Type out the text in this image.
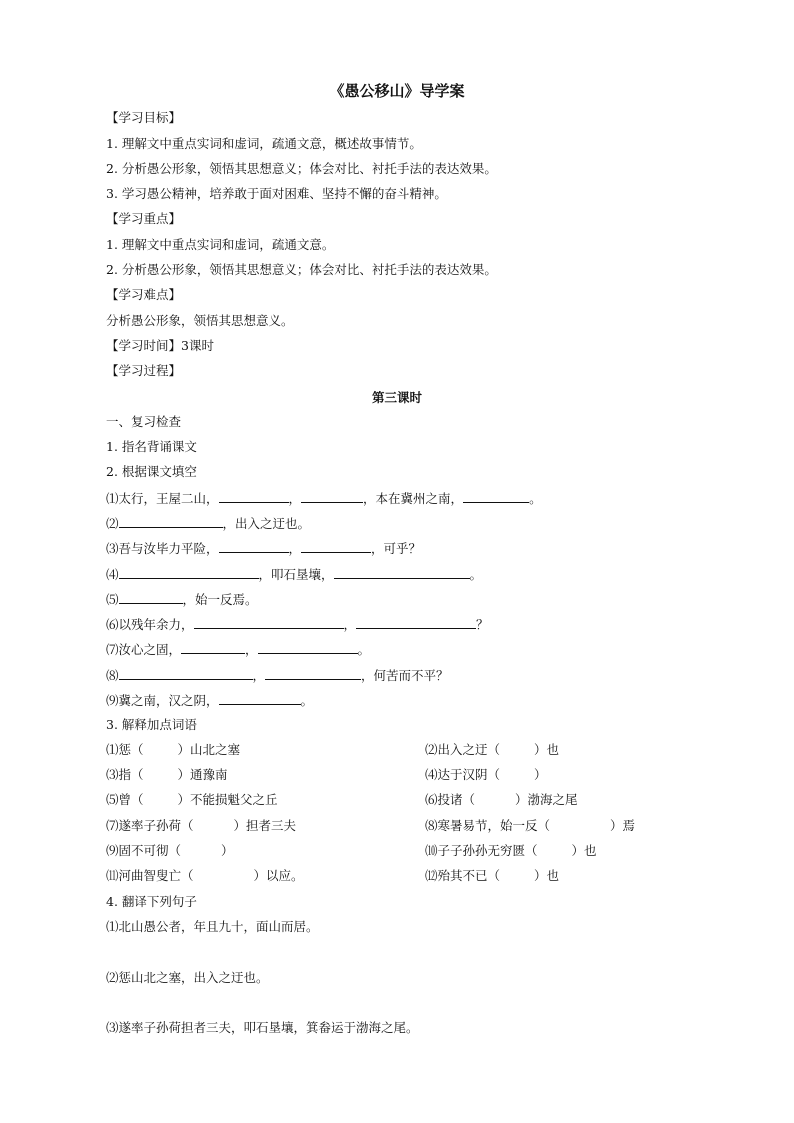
《愚公移山》导学案
【学习目标】
1. 理解文中重点实词和虚词，疏通文意，概述故事情节。
2. 分析愚公形象，领悟其思想意义；体会对比、衬托手法的表达效果。
3. 学习愚公精神，培养敢于面对困难、坚持不懈的奋斗精神。
【学习重点】
1. 理解文中重点实词和虚词，疏通文意。
2. 分析愚公形象，领悟其思想意义；体会对比、衬托手法的表达效果。
【学习难点】
分析愚公形象，领悟其思想意义。
【学习时间】3课时
【学习过程】
第三课时
一、复习检查
1. 指名背诵课文
2. 根据课文填空
⑴太行，王屋二山，	，	，本在冀州之南，	。
⑵	，出入之迂也。
⑶吾与汝毕力平险，	，	，可乎？
⑷	，叩石垦壤，	。
⑸	，始一反焉。
⑹以残年余力，	，	？
⑺汝心之固，	，	。
⑻	，	，何苦而不平？
⑼冀之南，汉之阴，	。
3. 解释加点词语
⑴惩（	）山北之塞	⑵出入之迂（	）也
⑶指（	）通豫南	⑷达于汉阴（	）
⑸曾（	）不能损魁父之丘	⑹投诸（	）渤海之尾
⑺遂率子孙荷（	）担者三夫	⑻寒暑易节，始一反（	）焉
⑼固不可彻（	）	⑽子子孙孙无穷匮（	）也
⑾河曲智叟亡（	）以应。	⑿殆其不已（	）也
4. 翻译下列句子
⑴北山愚公者，年且九十，面山而居。
⑵惩山北之塞，出入之迂也。
⑶遂率子孙荷担者三夫，叩石垦壤，箕畚运于渤海之尾。
